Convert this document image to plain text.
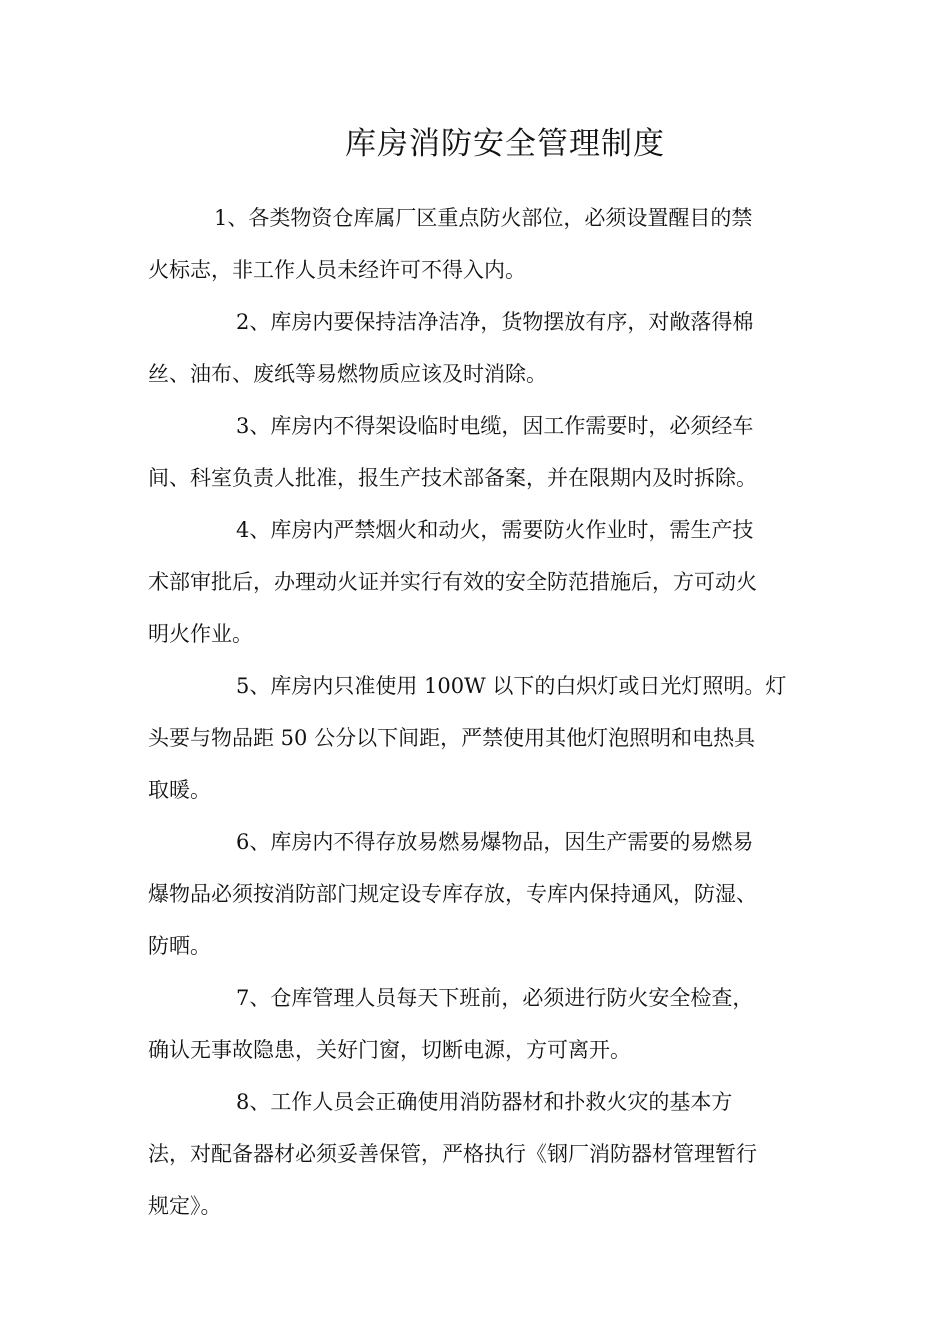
库房消防安全管理制度

1、各类物资仓库属厂区重点防火部位，必须设置醒目的禁
火标志，非工作人员未经许可不得入内。

2、库房内要保持洁净洁净，货物摆放有序，对敞落得棉
丝、油布、废纸等易燃物质应该及时消除。

3、库房内不得架设临时电缆，因工作需要时，必须经车
间、科室负责人批准，报生产技术部备案，并在限期内及时拆除。

4、库房内严禁烟火和动火，需要防火作业时，需生产技
术部审批后，办理动火证并实行有效的安全防范措施后，方可动火
明火作业。

5、库房内只准使用 100W 以下的白炽灯或日光灯照明。灯
头要与物品距 50 公分以下间距，严禁使用其他灯泡照明和电热具
取暖。

6、库房内不得存放易燃易爆物品，因生产需要的易燃易
爆物品必须按消防部门规定设专库存放，专库内保持通风，防湿、
防晒。

7、仓库管理人员每天下班前，必须进行防火安全检查，
确认无事故隐患，关好门窗，切断电源，方可离开。

8、工作人员会正确使用消防器材和扑救火灾的基本方
法，对配备器材必须妥善保管，严格执行《钢厂消防器材管理暂行
规定》。
